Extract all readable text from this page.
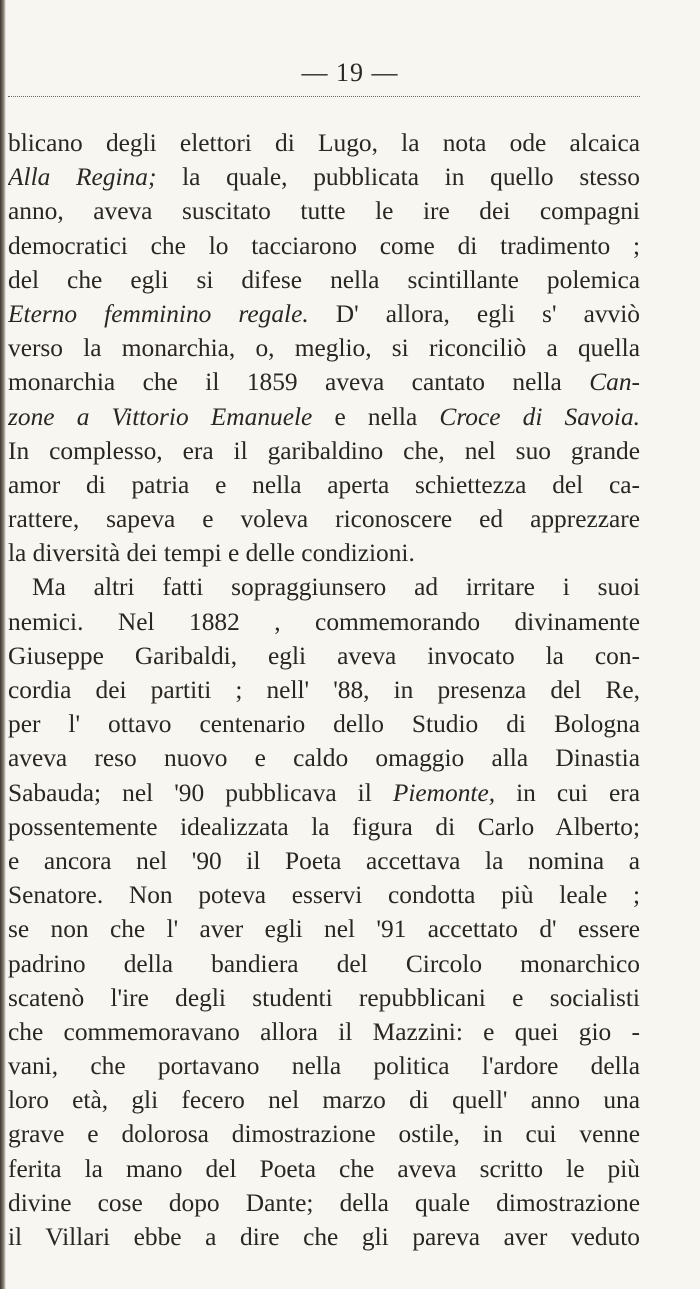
— 19 —
blicano degli elettori di Lugo, la nota ode alcaica
Alla Regina; la quale, pubblicata in quello stesso
anno, aveva suscitato tutte le ire dei compagni
democratici che lo tacciarono come di tradimento ;
del che egli si difese nella scintillante polemica
Eterno femminino regale. D' allora, egli s' avviò
verso la monarchia, o, meglio, si riconciliò a quella
monarchia che il 1859 aveva cantato nella Can-
zone a Vittorio Emanuele e nella Croce di Savoia.
In complesso, era il garibaldino che, nel suo grande
amor di patria e nella aperta schiettezza del ca-
rattere, sapeva e voleva riconoscere ed apprezzare
la diversità dei tempi e delle condizioni.
Ma altri fatti sopraggiunsero ad irritare i suoi
nemici. Nel 1882 , commemorando divinamente
Giuseppe Garibaldi, egli aveva invocato la con-
cordia dei partiti ; nell' '88, in presenza del Re,
per l' ottavo centenario dello Studio di Bologna
aveva reso nuovo e caldo omaggio alla Dinastia
Sabauda; nel '90 pubblicava il Piemonte, in cui era
possentemente idealizzata la figura di Carlo Alberto;
e ancora nel '90 il Poeta accettava la nomina a
Senatore. Non poteva esservi condotta più leale ;
se non che l' aver egli nel '91 accettato d' essere
padrino della bandiera del Circolo monarchico
scatenò l'ire degli studenti repubblicani e socialisti
che commemoravano allora il Mazzini: e quei gio -
vani, che portavano nella politica l'ardore della
loro età, gli fecero nel marzo di quell' anno una
grave e dolorosa dimostrazione ostile, in cui venne
ferita la mano del Poeta che aveva scritto le più
divine cose dopo Dante; della quale dimostrazione
il Villari ebbe a dire che gli pareva aver veduto
